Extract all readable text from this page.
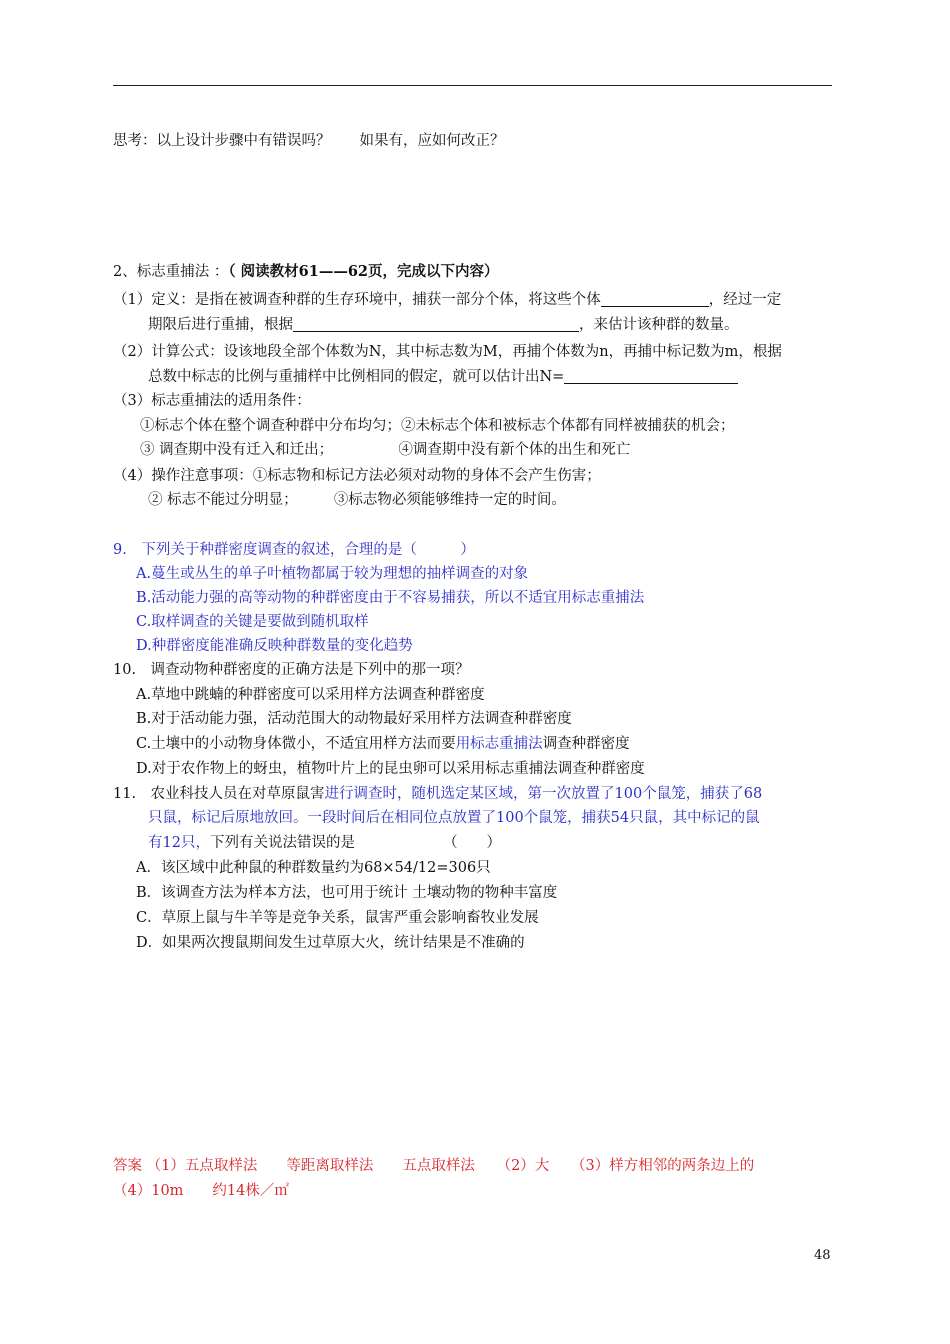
思考：以上设计步骤中有错误吗？　　如果有，应如何改正？
2、标志重捕法 ：（ 阅读教材61——62页，完成以下内容）
（1）定义：是指在被调查种群的生存环境中，捕获一部分个体，将这些个体	，经过一定
期限后进行重捕，根据	，来估计该种群的数量。
（2）计算公式：设该地段全部个体数为N，其中标志数为M，再捕个体数为n，再捕中标记数为m，根据
总数中标志的比例与重捕样中比例相同的假定，就可以估计出N=
（3）标志重捕法的适用条件：
①标志个体在整个调查种群中分布均匀；②未标志个体和被标志个体都有同样被捕获的机会；
③ 调查期中没有迁入和迁出；　　　　　④调查期中没有新个体的出生和死亡
（4）操作注意事项：①标志物和标记方法必须对动物的身体不会产生伤害；
② 标志不能过分明显；　　　③标志物必须能够维持一定的时间。
9.　下列关于种群密度调查的叙述，合理的是（　　　）
A.蔓生或丛生的单子叶植物都属于较为理想的抽样调查的对象
B.活动能力强的高等动物的种群密度由于不容易捕获，所以不适宜用标志重捕法
C.取样调查的关键是要做到随机取样
D.种群密度能准确反映种群数量的变化趋势
10.　调查动物种群密度的正确方法是下列中的那一项？
A.草地中跳蝻的种群密度可以采用样方法调查种群密度
B.对于活动能力强，活动范围大的动物最好采用样方法调查种群密度
C.土壤中的小动物身体微小，不适宜用样方法而要用标志重捕法调查种群密度
D.对于农作物上的蚜虫，植物叶片上的昆虫卵可以采用标志重捕法调查种群密度
11.　农业科技人员在对草原鼠害进行调查时，随机选定某区域，第一次放置了100个鼠笼，捕获了68
只鼠，标记后原地放回。一段时间后在相同位点放置了100个鼠笼，捕获54只鼠，其中标记的鼠
有12只，下列有关说法错误的是	（　　）
A．该区域中此种鼠的种群数量约为68×54/12=306只
B．该调查方法为样本方法，也可用于统计 土壤动物的物种丰富度
C．草原上鼠与牛羊等是竞争关系，鼠害严重会影响畜牧业发展
D．如果两次搜鼠期间发生过草原大火，统计结果是不准确的
答案 （1）五点取样法　　等距离取样法　　五点取样法　　（2）大　　（3）样方相邻的两条边上的
（4）10m　　约14株／㎡
48
